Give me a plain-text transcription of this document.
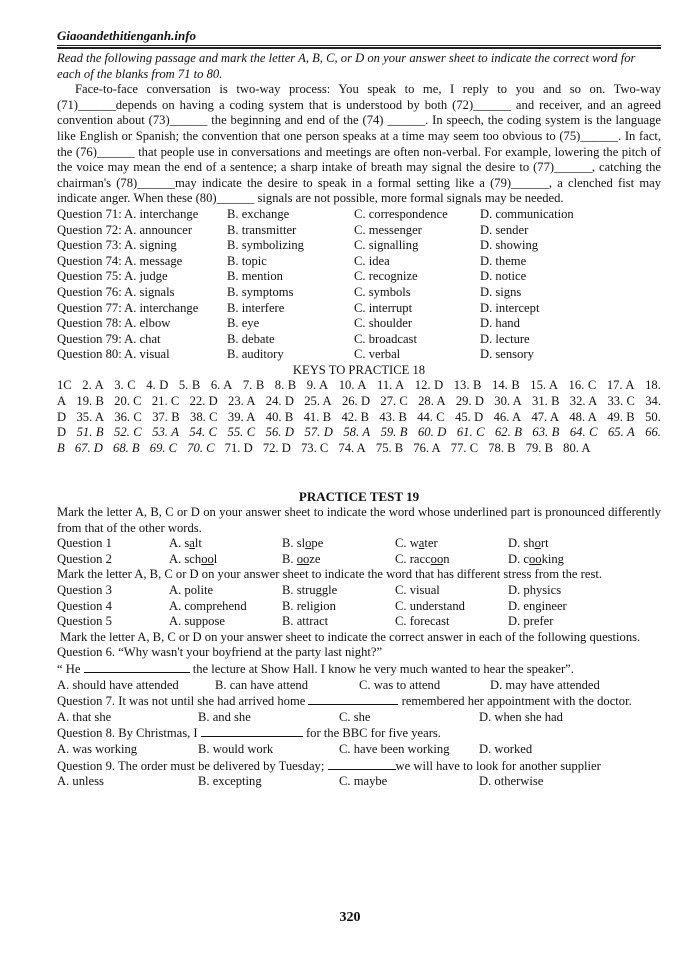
Giaoandethitienganh.info
Read the following passage and mark the letter A, B, C, or D on your answer sheet to indicate the correct word for each of the blanks from 71 to 80.
Face-to-face conversation is two-way process: You speak to me, I reply to you and so on. Two-way (71)______depends on having a coding system that is understood by both (72)______ and receiver, and an agreed convention about (73)______ the beginning and end of the (74) ______. In speech, the coding system is the language like English or Spanish; the convention that one person speaks at a time may seem too obvious to (75)______. In fact, the (76)______ that people use in conversations and meetings are often non-verbal. For example, lowering the pitch of the voice may mean the end of a sentence; a sharp intake of breath may signal the desire to (77)______, catching the chairman's (78)______may indicate the desire to speak in a formal setting like a (79)______, a clenched fist may indicate anger. When these (80)______ signals are not possible, more formal signals may be needed.
Question 71: A. interchange	B. exchange	C. correspondence	D. communication
Question 72: A. announcer	B. transmitter	C. messenger	D. sender
Question 73: A. signing	B. symbolizing	C. signalling	D. showing
Question 74: A. message	B. topic	C. idea	D. theme
Question 75: A. judge	B. mention	C. recognize	D. notice
Question 76: A. signals	B. symptoms	C. symbols	D. signs
Question 77: A. interchange	B. interfere	C. interrupt	D. intercept
Question 78: A. elbow	B. eye	C. shoulder	D. hand
Question 79: A. chat	B. debate	C. broadcast	D. lecture
Question 80: A. visual	B. auditory	C. verbal	D. sensory
KEYS TO PRACTICE 18
1C 2. A 3. C 4. D 5. B 6. A 7. B 8. B 9. A 10. A 11. A 12. D 13. B 14. B 15. A 16. C 17. A 18. A 19. B 20. C 21. C 22. D 23. A 24. D 25. A 26. D 27. C 28. A 29. D 30. A 31. B 32. A 33. C 34. D 35. A 36. C 37. B 38. C 39. A 40. B 41. B 42. B 43. B 44. C 45. D 46. A 47. A 48. A 49. B 50. D 51. B 52. C 53. A 54. C 55. C 56. D 57. D 58. A 59. B 60. D 61. C 62. B 63. B 64. C 65. A 66. B 67. D 68. B 69. C 70. C 71. D 72. D 73. C 74. A 75. B 76. A 77. C 78. B 79. B 80. A
PRACTICE TEST 19
Mark the letter A, B, C or D on your answer sheet to indicate the word whose underlined part is pronounced differently from that of the other words.
Question 1	A. salt	B. slope	C. water	D. short
Question 2	A. school	B. ooze	C. raccoon	D. cooking
Mark the letter A, B, C or D on your answer sheet to indicate the word that has different stress from the rest.
Question 3	A. polite	B. struggle	C. visual	D. physics
Question 4	A. comprehend	B. religion	C. understand	D. engineer
Question 5	A. suppose	B. attract	C. forecast	D. prefer
Mark the letter A, B, C or D on your answer sheet to indicate the correct answer in each of the following questions.
Question 6. “Why wasn't your boyfriend at the party last night?”
“ He	the lecture at Show Hall. I know he very much wanted to hear the speaker”.
A. should have attended	B. can have attend	C. was to attend	D. may have attended
Question 7. It was not until she had arrived home	remembered her appointment with the doctor.
A. that she	B. and she	C. she	D. when she had
Question 8. By Christmas, I	for the BBC for five years.
A. was working	B. would work	C. have been working	D. worked
Question 9. The order must be delivered by Tuesday;	we will have to look for another supplier
A. unless	B. excepting	C. maybe	D. otherwise
320
